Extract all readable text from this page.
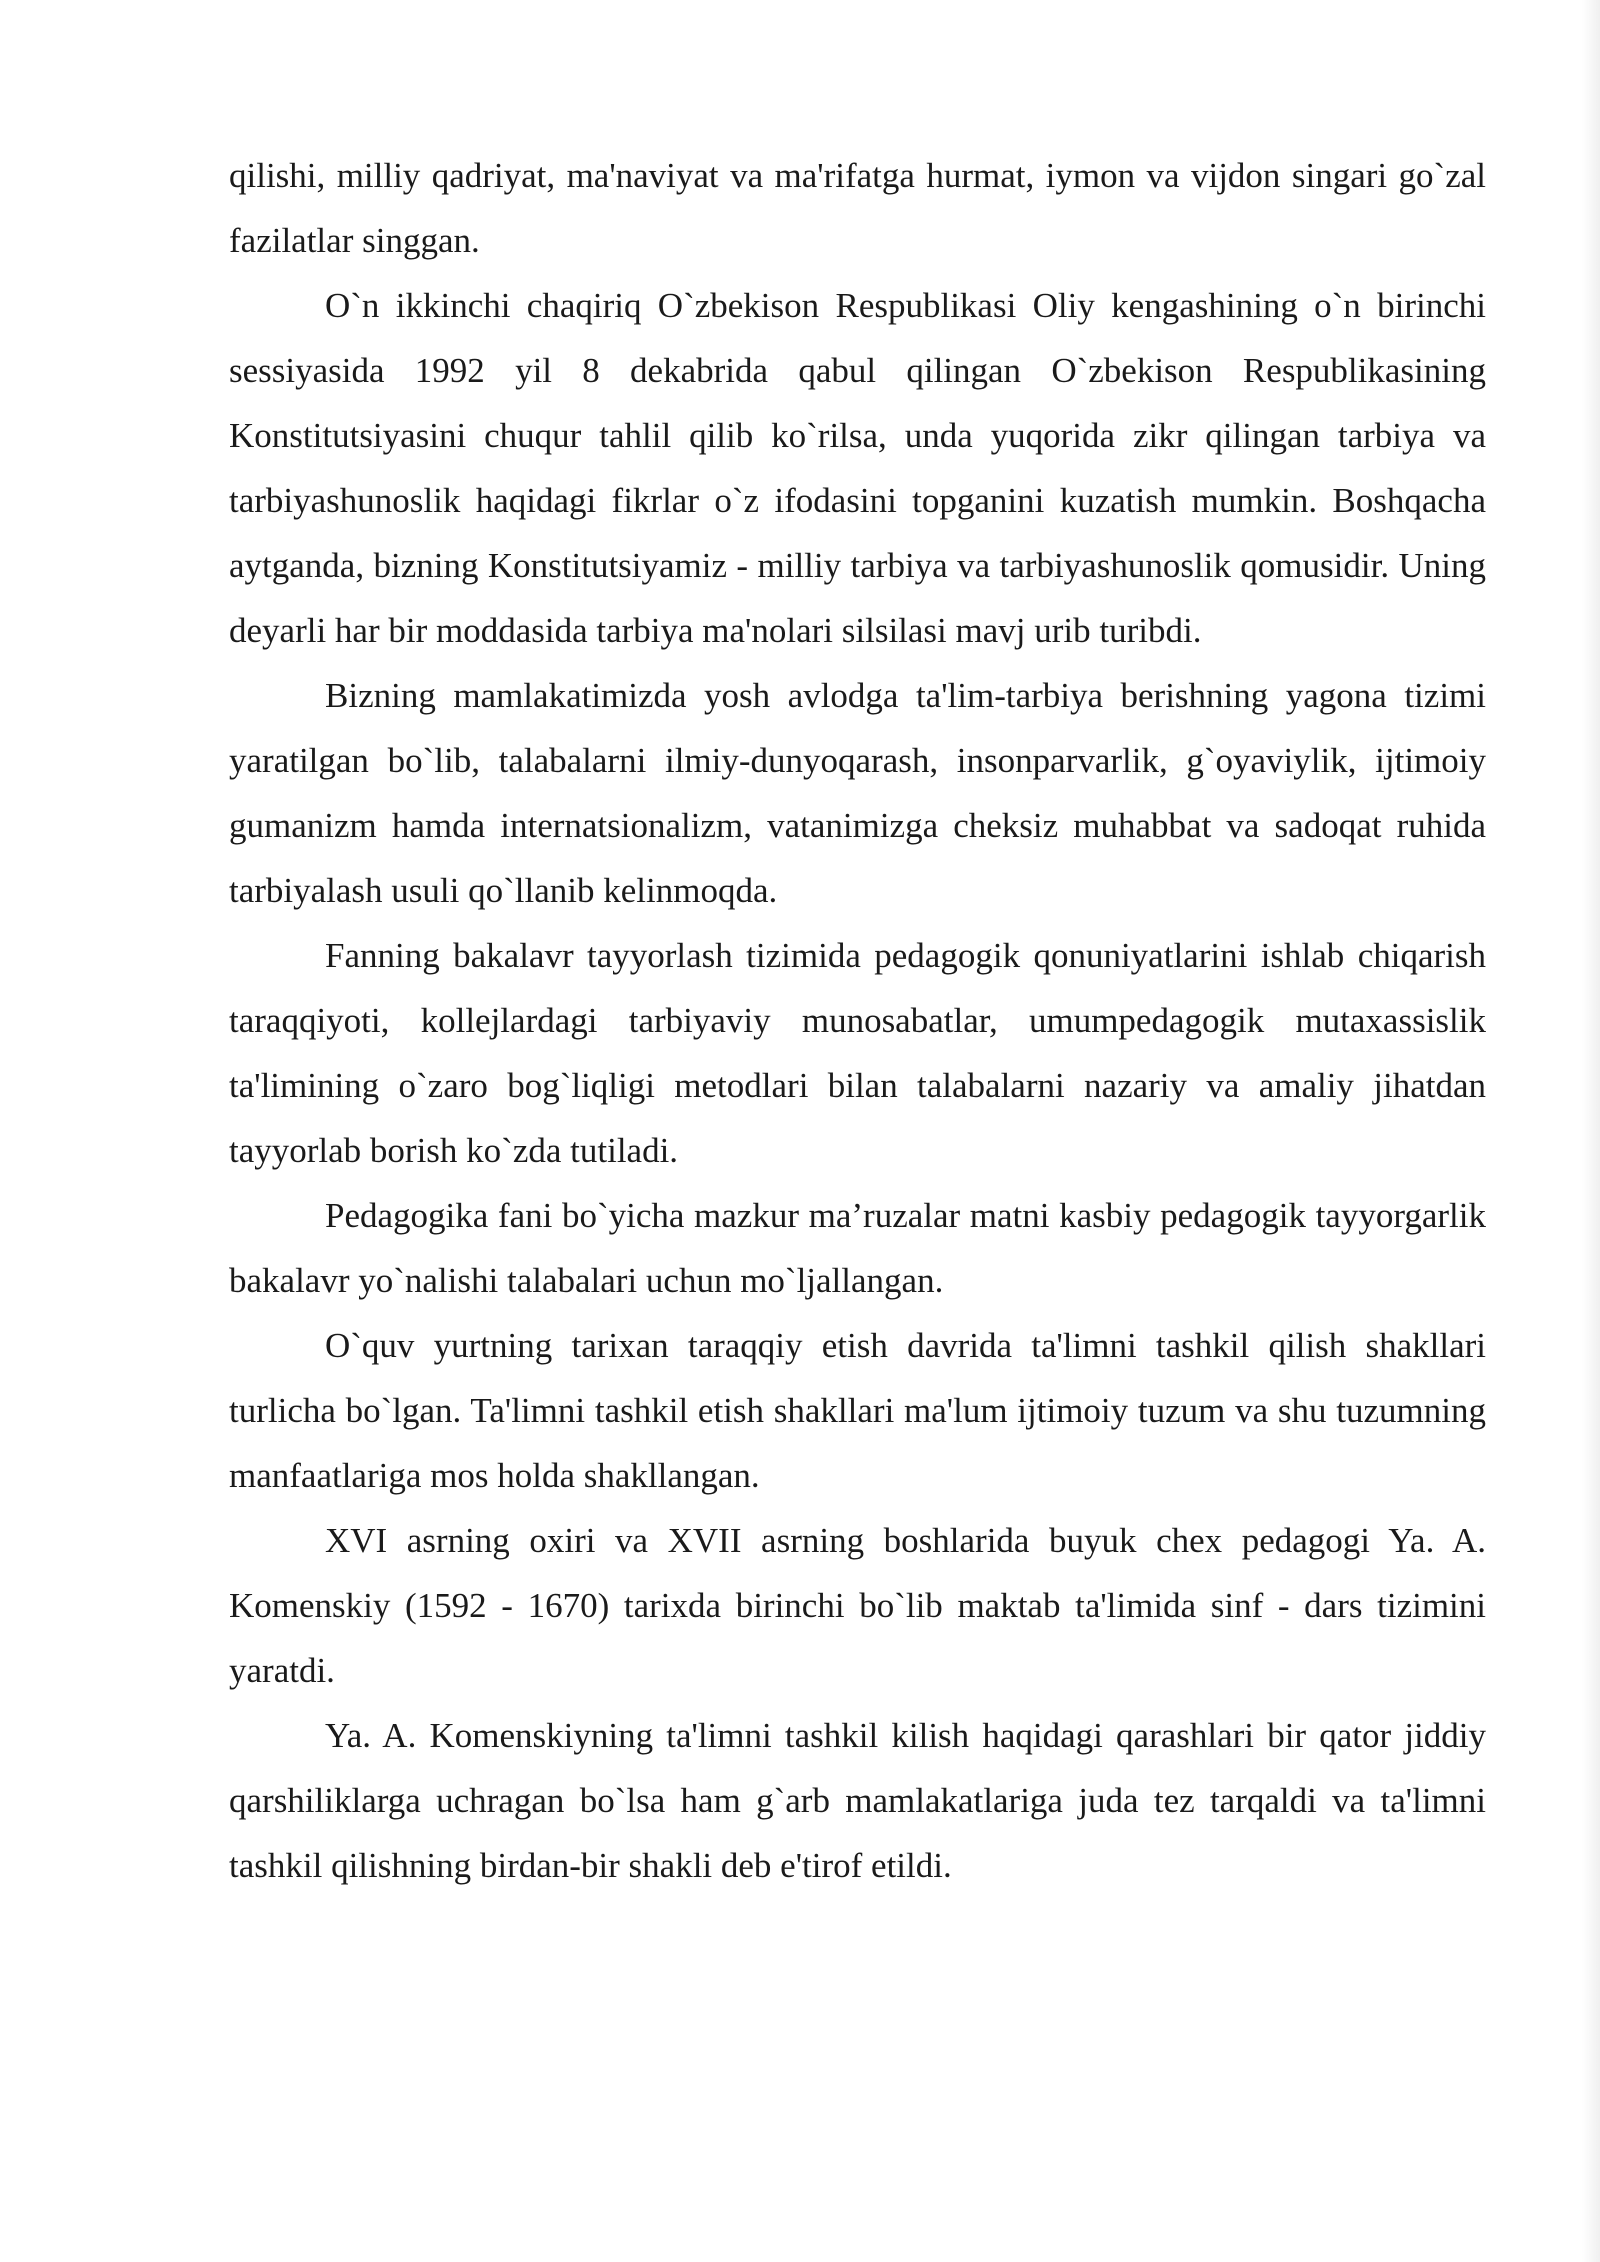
qilishi, milliy qadriyat, ma'naviyat va ma'rifatga hurmat, iymon va vijdon singari go`zal fazilatlar singgan.

O`n ikkinchi chaqiriq O`zbekison Respublikasi Oliy kengashining o`n birinchi sessiyasida 1992 yil 8 dekabrida qabul qilingan O`zbekison Respublikasining Konstitutsiyasini chuqur tahlil qilib ko`rilsa, unda yuqorida zikr qilingan tarbiya va tarbiyashunoslik haqidagi fikrlar o`z ifodasini topganini kuzatish mumkin. Boshqacha aytganda, bizning Konstitutsiyamiz - milliy tarbiya va tarbiyashunoslik qomusidir. Uning deyarli har bir moddasida tarbiya ma'nolari silsilasi mavj urib turibdi.

Bizning mamlakatimizda yosh avlodga ta'lim-tarbiya berishning yagona tizimi yaratilgan bo`lib, talabalarni ilmiy-dunyoqarash, insonparvarlik, g`oyaviylik, ijtimoiy gumanizm hamda internatsionalizm, vatanimizga cheksiz muhabbat va sadoqat ruhida tarbiyalash usuli qo`llanib kelinmoqda.

Fanning bakalavr tayyorlash tizimida pedagogik qonuniyatlarini ishlab chiqarish taraqqiyoti, kollejlardagi tarbiyaviy munosabatlar, umumpedagogik mutaxassislik ta'limining o`zaro bog`liqligi metodlari bilan talabalarni nazariy va amaliy jihatdan tayyorlab borish ko`zda tutiladi.

Pedagogika fani bo`yicha mazkur ma’ruzalar matni kasbiy pedagogik tayyorgarlik bakalavr yo`nalishi talabalari uchun mo`ljallangan.

O`quv yurtning tarixan taraqqiy etish davrida ta'limni tashkil qilish shakllari turlicha bo`lgan. Ta'limni tashkil etish shakllari ma'lum ijtimoiy tuzum va shu tuzumning manfaatlariga mos holda shakllangan.

XVI asrning oxiri va XVII asrning boshlarida buyuk chex pedagogi Ya. A. Komenskiy (1592 - 1670) tarixda birinchi bo`lib maktab ta'limida sinf - dars tizimini yaratdi.

Ya. A. Komenskiyning ta'limni tashkil kilish haqidagi qarashlari bir qator jiddiy qarshiliklarga uchragan bo`lsa ham g`arb mamlakatlariga juda tez tarqaldi va ta'limni tashkil qilishning birdan-bir shakli deb e'tirof etildi.
